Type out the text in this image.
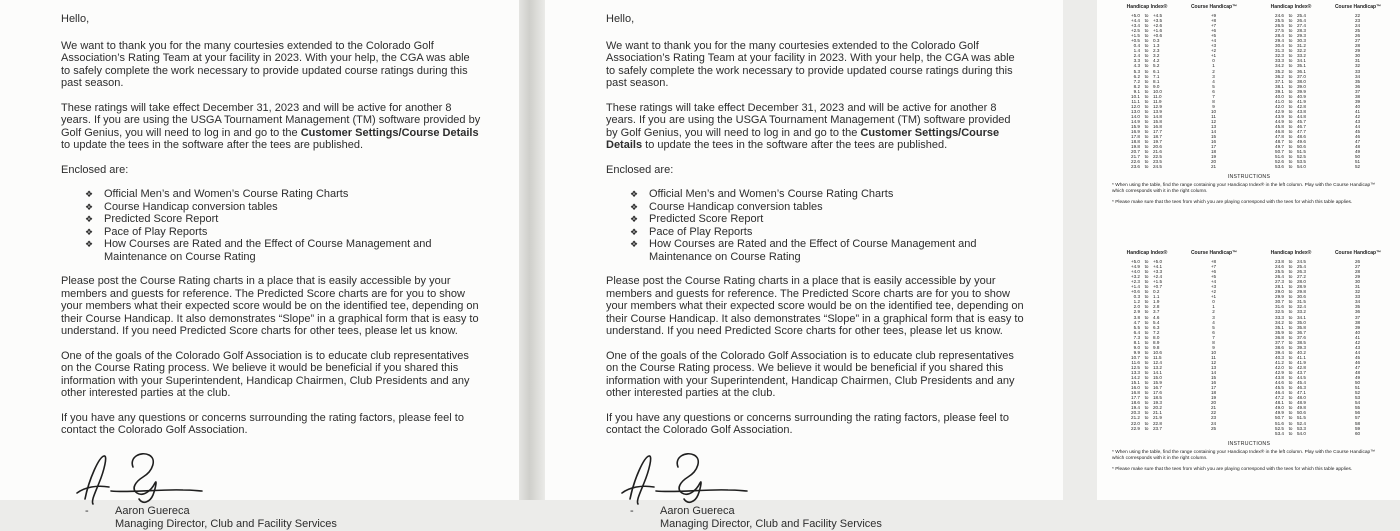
Hello,

We want to thank you for the many courtesies extended to the Colorado Golf Association’s Rating Team at your facility in 2023. With your help, the CGA was able to safely complete the work necessary to provide updated course ratings during this past season.

These ratings will take effect December 31, 2023 and will be active for another 8 years. If you are using the USGA Tournament Management (TM) software provided by Golf Genius, you will need to log in and go to the Customer Settings/Course Details to update the tees in the software after the tees are published.

Enclosed are:

❖ Official Men’s and Women’s Course Rating Charts
❖ Course Handicap conversion tables
❖ Predicted Score Report
❖ Pace of Play Reports
❖ How Courses are Rated and the Effect of Course Management and Maintenance on Course Rating

Please post the Course Rating charts in a place that is easily accessible by your members and guests for reference. The Predicted Score charts are for you to show your members what their expected score would be on the identified tee, depending on their Course Handicap. It also demonstrates “Slope” in a graphical form that is easy to understand. If you need Predicted Score charts for other tees, please let us know.

One of the goals of the Colorado Golf Association is to educate club representatives on the Course Rating process. We believe it would be beneficial if you shared this information with your Superintendent, Handicap Chairmen, Club Presidents and any other interested parties at the club.

If you have any questions or concerns surrounding the rating factors, please feel to contact the Colorado Golf Association.

-	Aaron Guereca
Managing Director, Club and Facility Services

Hello,

We want to thank you for the many courtesies extended to the Colorado Golf Association’s Rating Team at your facility in 2023. With your help, the CGA was able to safely complete the work necessary to provide updated course ratings during this past season.

These ratings will take effect December 31, 2023 and will be active for another 8 years. If you are using the USGA Tournament Management (TM) software provided by Golf Genius, you will need to log in and go to the Customer Settings/Course Details to update the tees in the software after the tees are published.

Enclosed are:

❖ Official Men’s and Women’s Course Rating Charts
❖ Course Handicap conversion tables
❖ Predicted Score Report
❖ Pace of Play Reports
❖ How Courses are Rated and the Effect of Course Management and Maintenance on Course Rating

Please post the Course Rating charts in a place that is easily accessible by your members and guests for reference. The Predicted Score charts are for you to show your members what their expected score would be on the identified tee, depending on their Course Handicap. It also demonstrates “Slope” in a graphical form that is easy to understand. If you need Predicted Score charts for other tees, please let us know.

One of the goals of the Colorado Golf Association is to educate club representatives on the Course Rating process. We believe it would be beneficial if you shared this information with your Superintendent, Handicap Chairmen, Club Presidents and any other interested parties at the club.

If you have any questions or concerns surrounding the rating factors, please feel to contact the Colorado Golf Association.

-	Aaron Guereca
Managing Director, Club and Facility Services
Handicap Index®	Course Handicap™
+5.0 to +4.5	+9
+4.4 to +3.5	+8
+3.4 to +2.6	+7
+2.5 to +1.6	+6
+1.5 to +0.6	+5
+0.5 to 0.3	+4
0.4 to 1.3	+3
1.4 to 2.3	+2
2.4 to 3.2	+1
3.3 to 4.2	0
4.3 to 5.2	1
5.3 to 6.1	2
6.2 to 7.1	3
7.2 to 8.1	4
8.2 to 9.0	5
9.1 to 10.0	6
10.1 to 11.0	7
11.1 to 11.9	8
12.0 to 12.9	9
13.0 to 13.9	10
14.0 to 14.8	11
14.9 to 15.8	12
15.9 to 16.8	13
16.9 to 17.7	14
17.8 to 18.7	15
18.8 to 19.7	16
19.8 to 20.6	17
20.7 to 21.6	18
21.7 to 22.5	19
22.6 to 23.5	20
23.6 to 24.5	21
Handicap Index®	Course Handicap™
24.6 to 25.4	22
25.5 to 26.4	23
26.5 to 27.4	24
27.5 to 28.3	25
28.4 to 29.3	26
29.4 to 30.3	27
30.4 to 31.2	28
31.3 to 32.2	29
32.3 to 33.2	30
33.3 to 34.1	31
34.2 to 35.1	32
35.2 to 36.1	33
36.2 to 37.0	34
37.1 to 38.0	35
38.1 to 39.0	36
39.1 to 39.9	37
40.0 to 40.9	38
41.0 to 41.9	39
42.0 to 42.8	40
42.9 to 43.8	41
43.9 to 44.8	42
44.9 to 45.7	43
45.8 to 46.7	44
46.8 to 47.7	45
47.8 to 48.6	46
48.7 to 49.6	47
49.7 to 50.6	48
50.7 to 51.5	49
51.6 to 52.5	50
52.6 to 53.5	51
53.6 to 54.0	52

INSTRUCTIONS

* When using the table, find the range containing your Handicap Index® in the left column. Play with the Course Handicap™ which corresponds with it in the right column.

* Please make sure that the tees from which you are playing correspond with the tees for which this table applies.

Handicap Index®	Course Handicap™
+5.0 to +5.0	+8
+4.9 to +4.1	+7
+4.0 to +3.3	+6
+3.2 to +2.4	+5
+2.3 to +1.5	+4
+1.4 to +0.7	+3
+0.6 to 0.2	+2
0.3 to 1.1	+1
1.2 to 1.9	0
2.0 to 2.8	1
2.9 to 3.7	2
3.8 to 4.6	3
4.7 to 5.4	4
5.5 to 6.3	5
6.4 to 7.2	6
7.3 to 8.0	7
8.1 to 8.9	8
9.0 to 9.8	9
9.9 to 10.6	10
10.7 to 11.5	11
11.6 to 12.4	12
12.5 to 13.2	13
13.3 to 14.1	14
14.2 to 15.0	15
15.1 to 15.9	16
16.0 to 16.7	17
16.8 to 17.6	18
17.7 to 18.5	19
18.6 to 19.3	20
19.4 to 20.2	21
20.3 to 21.1	22
21.2 to 21.9	23
22.0 to 22.8	24
22.9 to 23.7	25
Handicap Index®	Course Handicap™
23.8 to 24.5	26
24.6 to 25.4	27
25.5 to 26.3	28
26.4 to 27.2	29
27.3 to 28.0	30
28.1 to 28.9	31
29.0 to 29.8	32
29.9 to 30.6	33
30.7 to 31.5	34
31.6 to 32.4	35
32.5 to 33.2	36
33.3 to 34.1	37
34.2 to 35.0	38
35.1 to 35.8	39
35.9 to 36.7	40
36.8 to 37.6	41
37.7 to 38.5	42
38.6 to 39.3	43
39.4 to 40.2	44
40.3 to 41.1	45
41.2 to 41.9	46
42.0 to 42.8	47
42.9 to 43.7	48
43.8 to 44.5	49
44.6 to 45.4	50
45.5 to 46.3	51
46.4 to 47.1	52
47.2 to 48.0	53
48.1 to 48.9	54
49.0 to 49.8	55
49.9 to 50.6	56
50.7 to 51.5	57
51.6 to 52.4	58
52.5 to 53.3	59
53.4 to 54.0	60

INSTRUCTIONS

* When using the table, find the range containing your Handicap Index® in the left column. Play with the Course Handicap™ which corresponds with it in the right column.

* Please make sure that the tees from which you are playing correspond with the tees for which this table applies.
